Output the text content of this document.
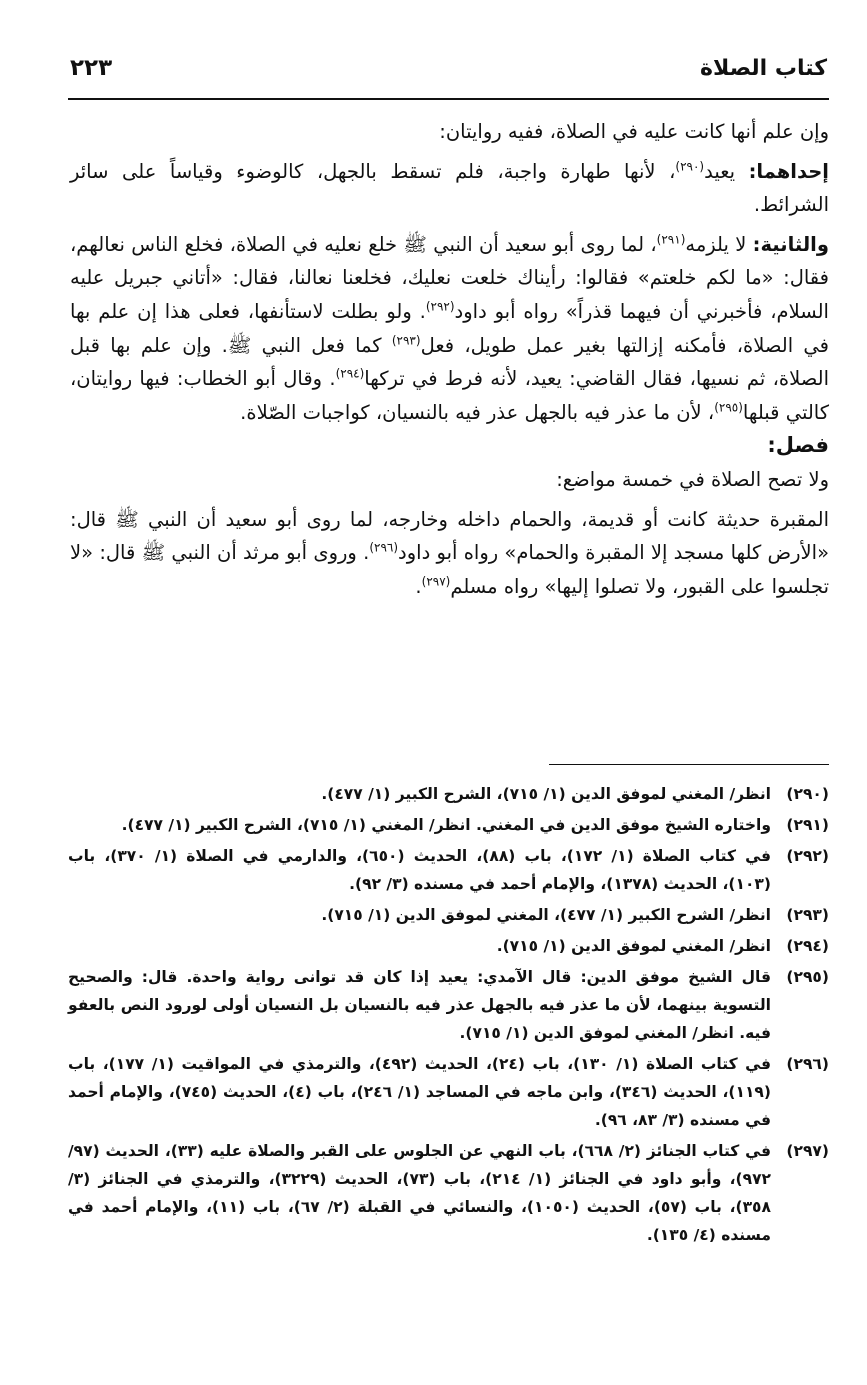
٢٢٣	كتاب الصلاة

وإن علم أنها كانت عليه في الصلاة، ففيه روايتان:

إحداهما: يعيد$^{(٢٩٠)}$، لأنها طهارة واجبة، فلم تسقط بالجهل، كالوضوء وقياساً على سائر الشرائط.

والثانية: لا يلزمه$^{(٢٩١)}$، لما روى أبو سعيد أن النبي ﷺ خلع نعليه في الصلاة، فخلع الناس نعالهم، فقال: «ما لكم خلعتم» فقالوا: رأيناك خلعت نعليك، فخلعنا نعالنا، فقال: «أتاني جبريل عليه السلام، فأخبرني أن فيهما قذراً» رواه أبو داود$^{(٢٩٢)}$. ولو بطلت لاستأنفها، فعلى هذا إن علم بها في الصلاة، فأمكنه إزالتها بغير عمل طويل، فعل$^{(٢٩٣)}$ كما فعل النبي ﷺ. وإن علم بها قبل الصلاة، ثم نسيها، فقال القاضي: يعيد، لأنه فرط في تركها$^{(٢٩٤)}$. وقال أبو الخطاب: فيها روايتان، كالتي قبلها$^{(٢٩٥)}$، لأن ما عذر فيه بالجهل عذر فيه بالنسيان، كواجبات الصّلاة.

فصل:

ولا تصح الصلاة في خمسة مواضع:

المقبرة حديثة كانت أو قديمة، والحمام داخله وخارجه، لما روى أبو سعيد أن النبي ﷺ قال: «الأرض كلها مسجد إلا المقبرة والحمام» رواه أبو داود$^{(٢٩٦)}$. وروى أبو مرثد أن النبي ﷺ قال: «لا تجلسوا على القبور، ولا تصلوا إليها» رواه مسلم$^{(٢٩٧)}$.

(٢٩٠)
انظر/ المغني لموفق الدين (١/ ٧١٥)، الشرح الكبير (١/ ٤٧٧).
(٢٩١)
واختاره الشيخ موفق الدين في المغني. انظر/ المغني (١/ ٧١٥)، الشرح الكبير (١/ ٤٧٧).
(٢٩٢)
في كتاب الصلاة (١/ ١٧٢)، باب (٨٨)، الحديث (٦٥٠)، والدارمي في الصلاة (١/ ٣٧٠)، باب (١٠٣)، الحديث (١٣٧٨)، والإمام أحمد في مسنده (٣/ ٩٢).
(٢٩٣)
انظر/ الشرح الكبير (١/ ٤٧٧)، المغني لموفق الدين (١/ ٧١٥).
(٢٩٤)
انظر/ المغني لموفق الدين (١/ ٧١٥).
(٢٩٥)
قال الشيخ موفق الدين: قال الآمدي: يعيد إذا كان قد توانى رواية واحدة. قال: والصحيح التسوية بينهما، لأن ما عذر فيه بالجهل عذر فيه بالنسيان بل النسيان أولى لورود النص بالعفو فيه. انظر/ المغني لموفق الدين (١/ ٧١٥).
(٢٩٦)
في كتاب الصلاة (١/ ١٣٠)، باب (٢٤)، الحديث (٤٩٢)، والترمذي في المواقيت (١/ ١٧٧)، باب (١١٩)، الحديث (٣٤٦)، وابن ماجه في المساجد (١/ ٢٤٦)، باب (٤)، الحديث (٧٤٥)، والإمام أحمد في مسنده (٣/ ٨٣، ٩٦).
(٢٩٧)
في كتاب الجنائز (٢/ ٦٦٨)، باب النهي عن الجلوس على القبر والصلاة عليه (٣٣)، الحديث (٩٧/ ٩٧٢)، وأبو داود في الجنائز (١/ ٢١٤)، باب (٧٣)، الحديث (٣٢٢٩)، والترمذي في الجنائز (٣/ ٣٥٨)، باب (٥٧)، الحديث (١٠٥٠)، والنسائي في القبلة (٢/ ٦٧)، باب (١١)، والإمام أحمد في مسنده (٤/ ١٣٥).
